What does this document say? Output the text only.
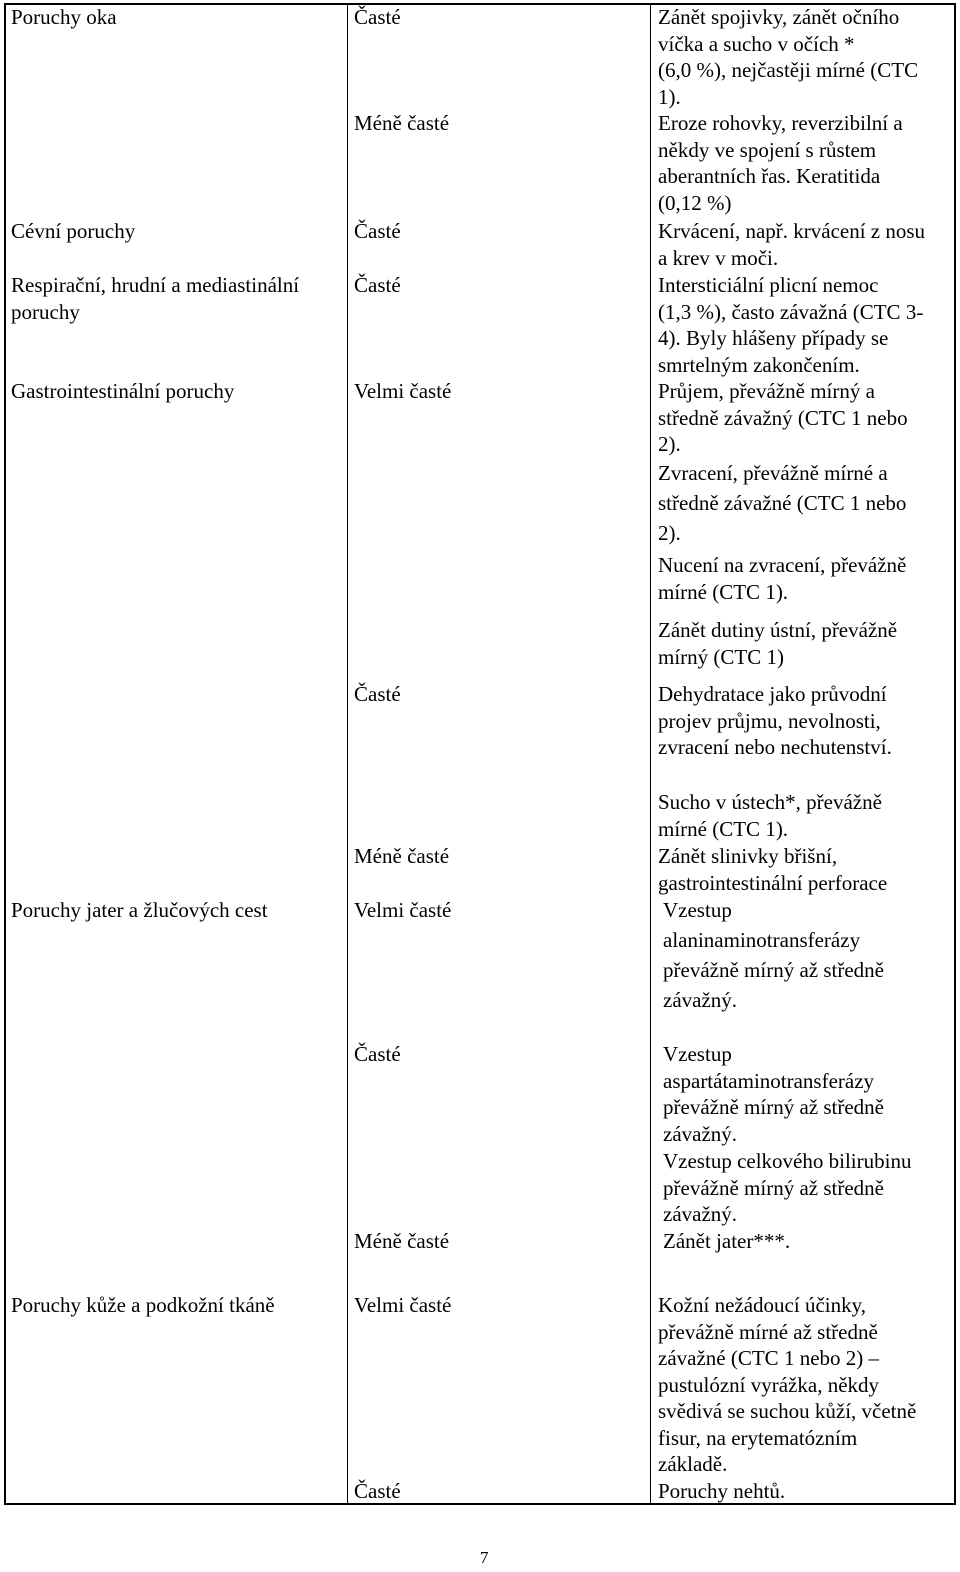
Poruchy oka	Časté	Zánět spojivky, zánět očního
víčka a sucho v očích *
(6,0 %), nejčastěji mírné (CTC
1).
Méně časté	Eroze rohovky, reverzibilní a
někdy ve spojení s růstem
aberantních řas. Keratitida
(0,12 %)
Cévní poruchy	Časté	Krvácení, např. krvácení z nosu
a krev v moči.
Respirační, hrudní a mediastinální
poruchy
Časté	Intersticiální plicní nemoc
(1,3 %), často závažná (CTC 3-
4). Byly hlášeny případy se
smrtelným zakončením.
Gastrointestinální poruchy	Velmi časté	Průjem, převážně mírný a
středně závažný (CTC 1 nebo
2).
Zvracení, převážně mírné a
středně závažné (CTC 1 nebo
2).
Nucení na zvracení, převážně
mírné (CTC 1).
Zánět dutiny ústní, převážně
mírný (CTC 1)
Časté	Dehydratace jako průvodní
projev průjmu, nevolnosti,
zvracení nebo nechutenství.
Sucho v ústech*, převážně
mírné (CTC 1).
Méně časté	Zánět slinivky břišní,
gastrointestinální perforace
Poruchy jater a žlučových cest	Velmi časté	Vzestup
alaninaminotransferázy
převážně mírný až středně
závažný.
Časté	Vzestup
aspartátaminotransferázy
převážně mírný až středně
závažný.
Vzestup celkového bilirubinu
převážně mírný až středně
závažný.
Méně časté	Zánět jater***.
Poruchy kůže a podkožní tkáně	Velmi časté	Kožní nežádoucí účinky,
převážně mírné až středně
závažné (CTC 1 nebo 2) –
pustulózní vyrážka, někdy
svědivá se suchou kůží, včetně
fisur, na erytematózním
základě.
Časté	Poruchy nehtů.
7
